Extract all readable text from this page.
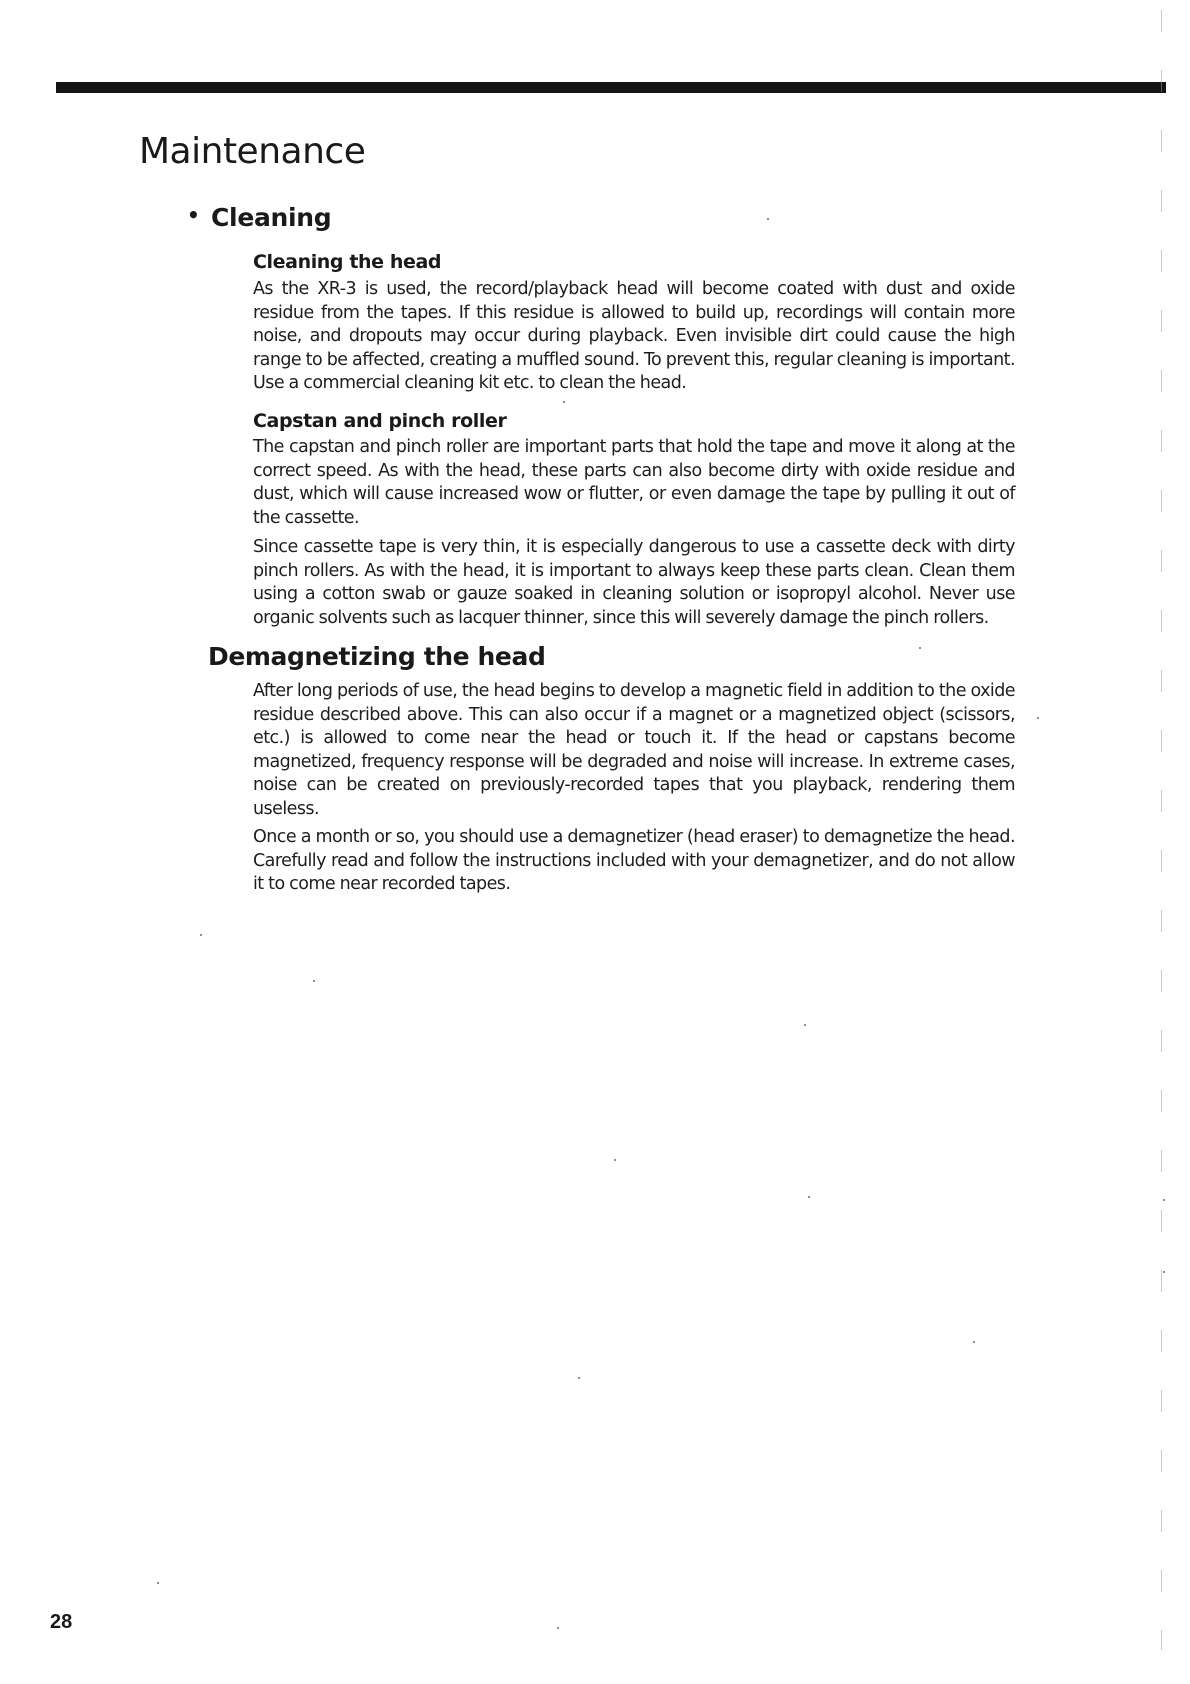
Maintenance
• Cleaning
Cleaning the head

As the XR-3 is used, the record/playback head will become coated with dust and oxide residue from the tapes. If this residue is allowed to build up, recordings will contain more noise, and dropouts may occur during playback. Even invisible dirt could cause the high range to be affected, creating a muffled sound. To prevent this, regular cleaning is important. Use a commercial cleaning kit etc. to clean the head.

Capstan and pinch roller

The capstan and pinch roller are important parts that hold the tape and move it along at the correct speed. As with the head, these parts can also become dirty with oxide residue and dust, which will cause increased wow or flutter, or even damage the tape by pulling it out of the cassette.

Since cassette tape is very thin, it is especially dangerous to use a cassette deck with dirty pinch rollers. As with the head, it is important to always keep these parts clean. Clean them using a cotton swab or gauze soaked in cleaning solution or isopropyl alcohol. Never use organic solvents such as lacquer thinner, since this will severely damage the pinch rollers.

Demagnetizing the head

After long periods of use, the head begins to develop a magnetic field in addition to the oxide residue described above. This can also occur if a magnet or a magnetized object (scissors, etc.) is allowed to come near the head or touch it. If the head or capstans become magnetized, frequency response will be degraded and noise will increase. In extreme cases, noise can be created on previously-recorded tapes that you playback, rendering them useless.

Once a month or so, you should use a demagnetizer (head eraser) to demagnetize the head. Carefully read and follow the instructions included with your demagnetizer, and do not allow it to come near recorded tapes.

28
